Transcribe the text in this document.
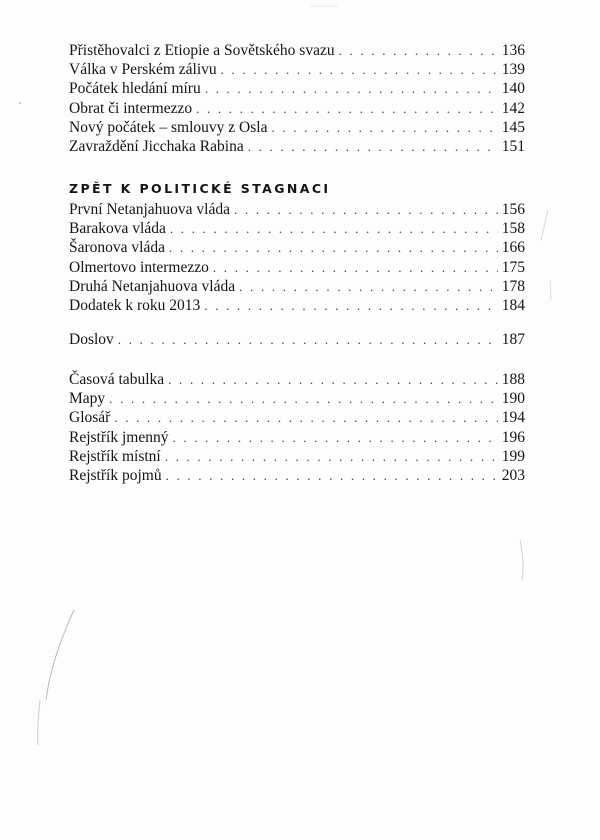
Přistěhovalci z Etiopie a Sovětského svazu . . .	136
Válka v Perském zálivu . . .	139
Počátek hledání míru . . .	140
Obrat či intermezzo . . .	142
Nový počátek – smlouvy z Osla . . .	145
Zavraždění Jicchaka Rabina . . .	151
ZPĚT K POLITICKÉ STAGNACI
První Netanjahuova vláda . . .	156
Barakova vláda . . .	158
Šaronova vláda . . .	166
Olmertovo intermezzo . . .	175
Druhá Netanjahuova vláda . . .	178
Dodatek k roku 2013 . . .	184
Doslov . . .	187
Časová tabulka . . .	188
Mapy . . .	190
Glosář . . .	194
Rejstřík jmenný . . .	196
Rejstřík místní . . .	199
Rejstřík pojmů . . .	203
